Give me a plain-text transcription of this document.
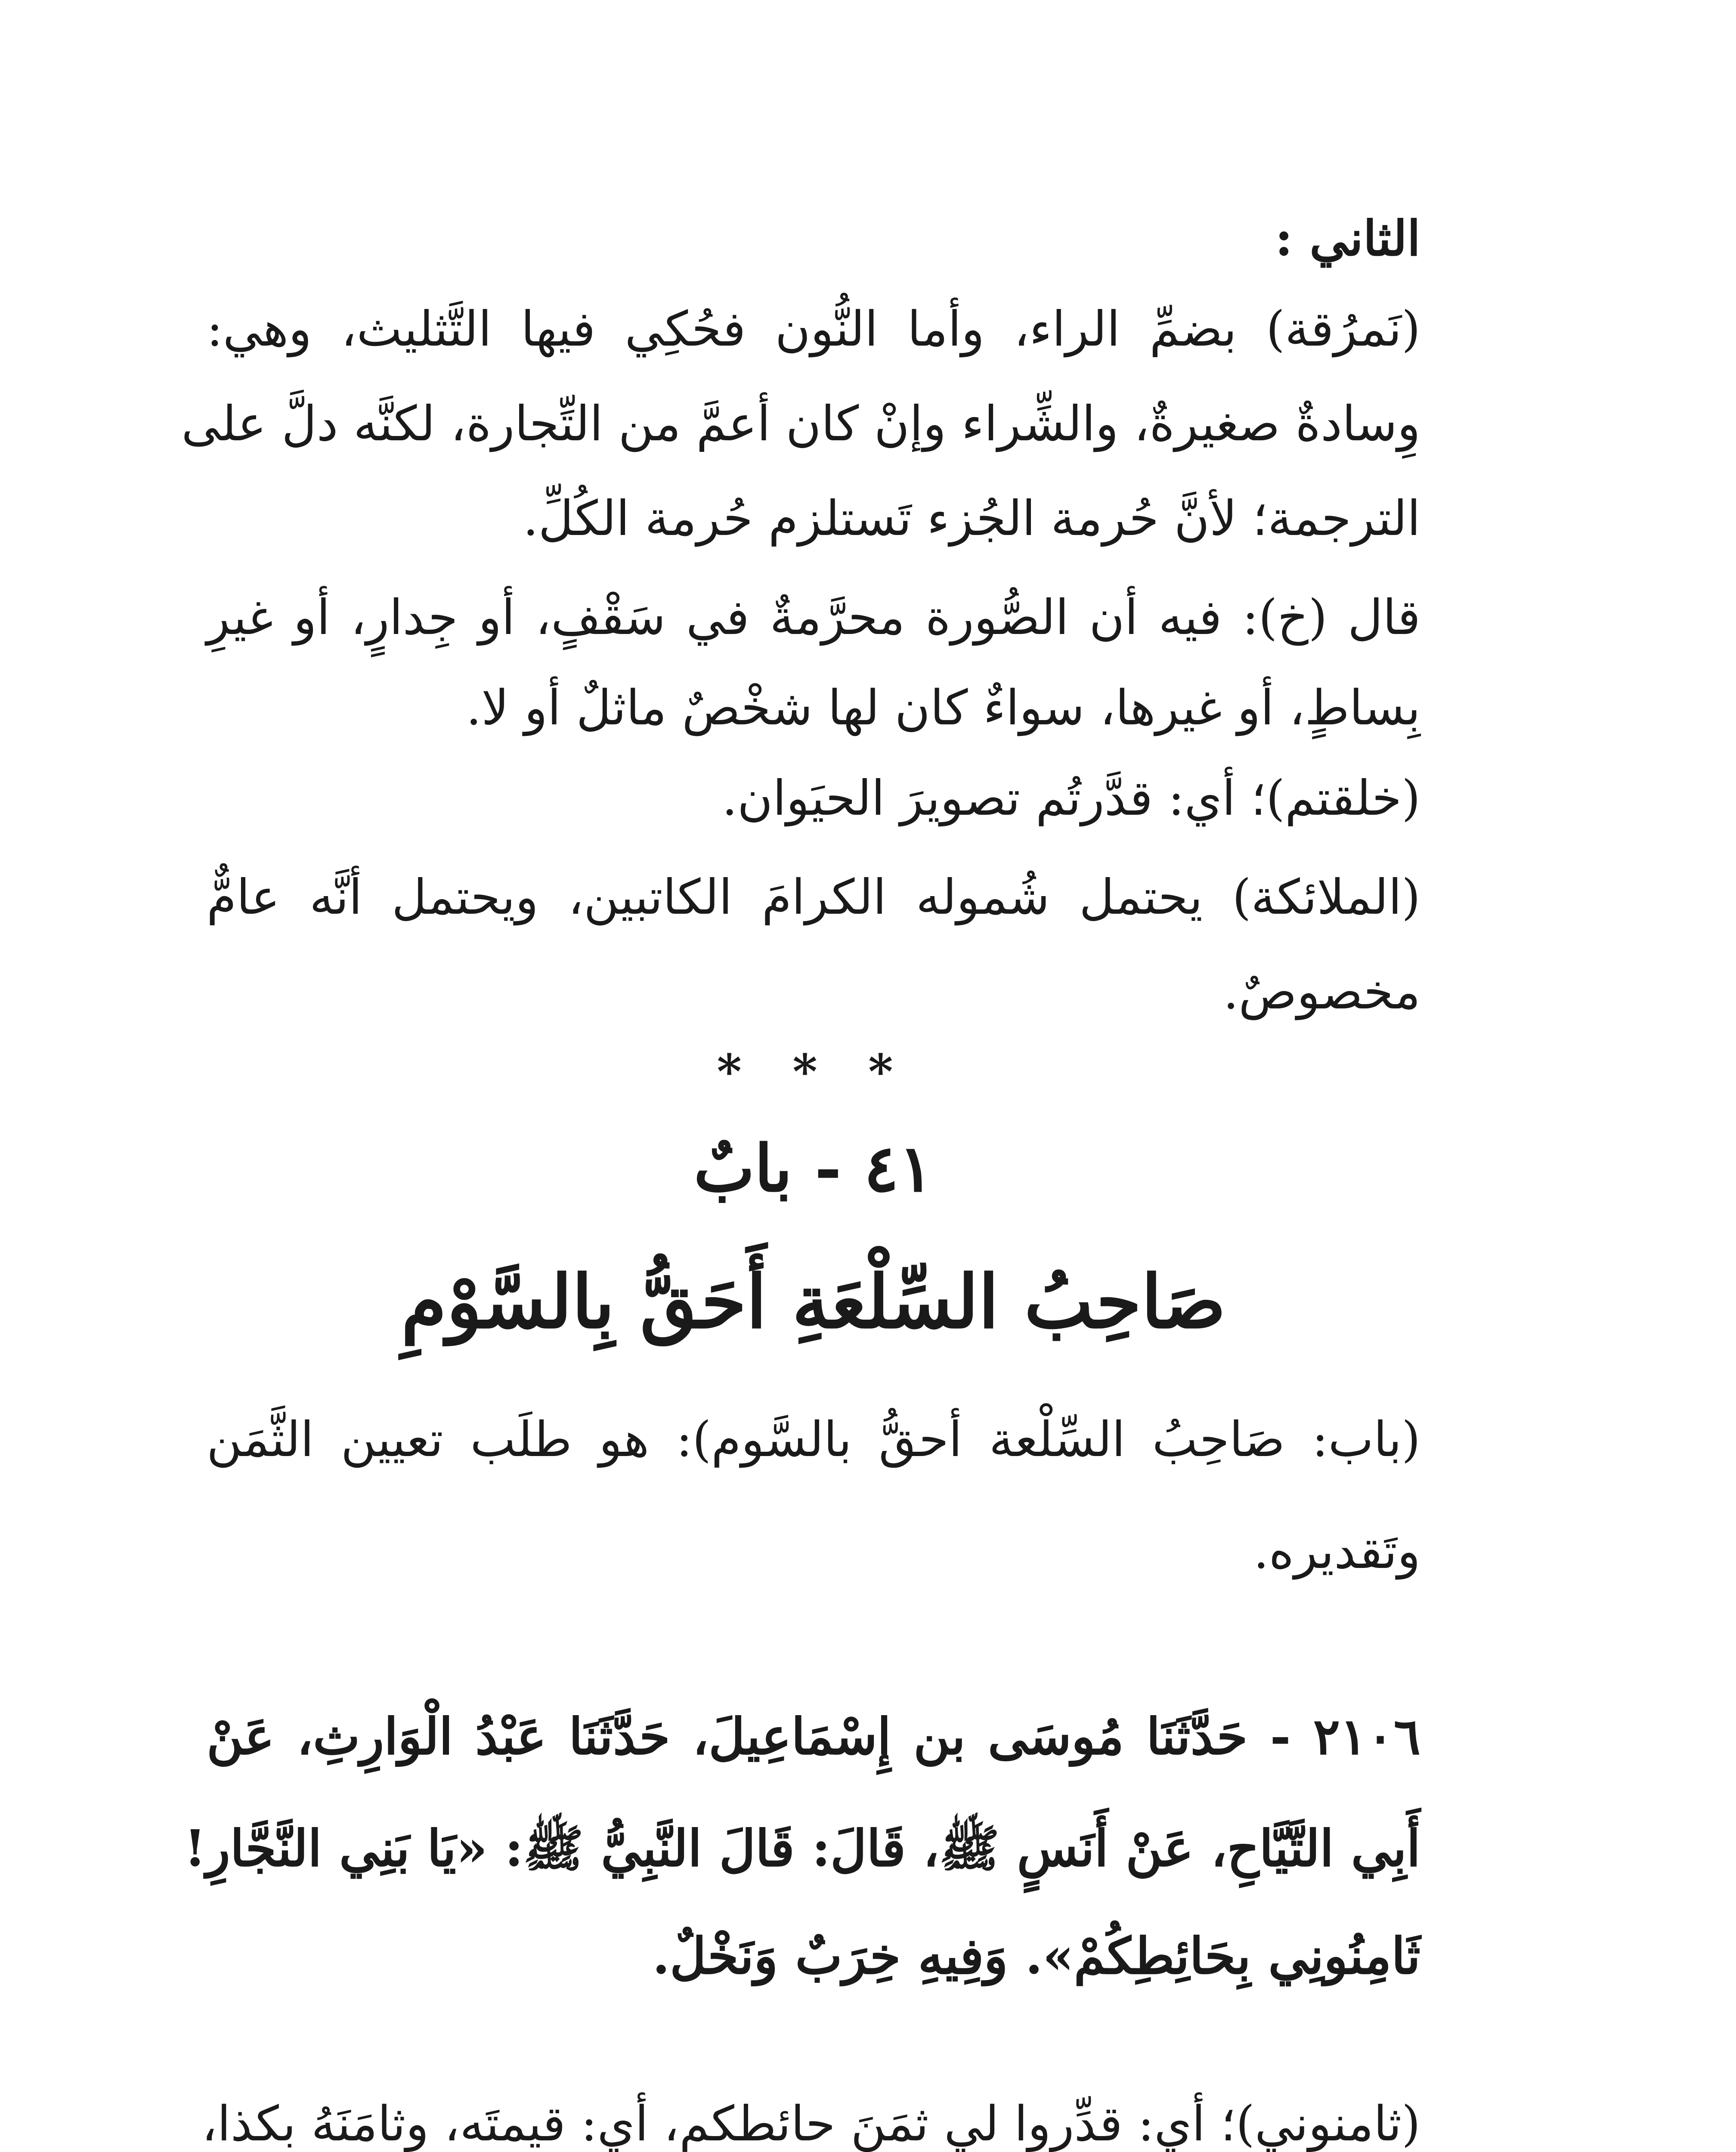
الثاني :
(نَمرُقة) بضمِّ الراء، وأما النُّون فحُكِي فيها التَّثليث، وهي:
وِسادةٌ صغيرةٌ، والشِّراء وإنْ كان أعمَّ من التِّجارة، لكنَّه دلَّ على
الترجمة؛ لأنَّ حُرمة الجُزء تَستلزم حُرمة الكُلِّ.
قال (خ): فيه أن الصُّورة محرَّمةٌ في سَقْفٍ، أو جِدارٍ، أو غيرِ
بِساطٍ، أو غيرها، سواءٌ كان لها شخْصٌ ماثلٌ أو لا.
(خلقتم)؛ أي: قدَّرتُم تصويرَ الحيَوان.
(الملائكة) يحتمل شُموله الكرامَ الكاتبين، ويحتمل أنَّه عامٌّ
مخصوصٌ.
* * *
٤١ - بابٌ
صَاحِبُ السِّلْعَةِ أَحَقُّ بِالسَّوْمِ
(باب: صَاحِبُ السِّلْعة أحقُّ بالسَّوم): هو طلَب تعيين الثَّمَن
وتَقديره.
٢١٠٦ - حَدَّثَنَا مُوسَى بن إِسْمَاعِيلَ، حَدَّثَنَا عَبْدُ الْوَارِثِ، عَنْ
أَبِي التَّيَّاحِ، عَنْ أَنَسٍ ﷺ، قَالَ: قَالَ النَّبِيُّ ﷺ: «يَا بَنِي النَّجَّارِ!
ثَامِنُونِي بِحَائِطِكُمْ». وَفِيهِ خِرَبٌ وَنَخْلٌ.
(ثامنوني)؛ أي: قدِّروا لي ثمَنَ حائطكم، أي: قيمتَه، وثامَنَهُ بكذا،
